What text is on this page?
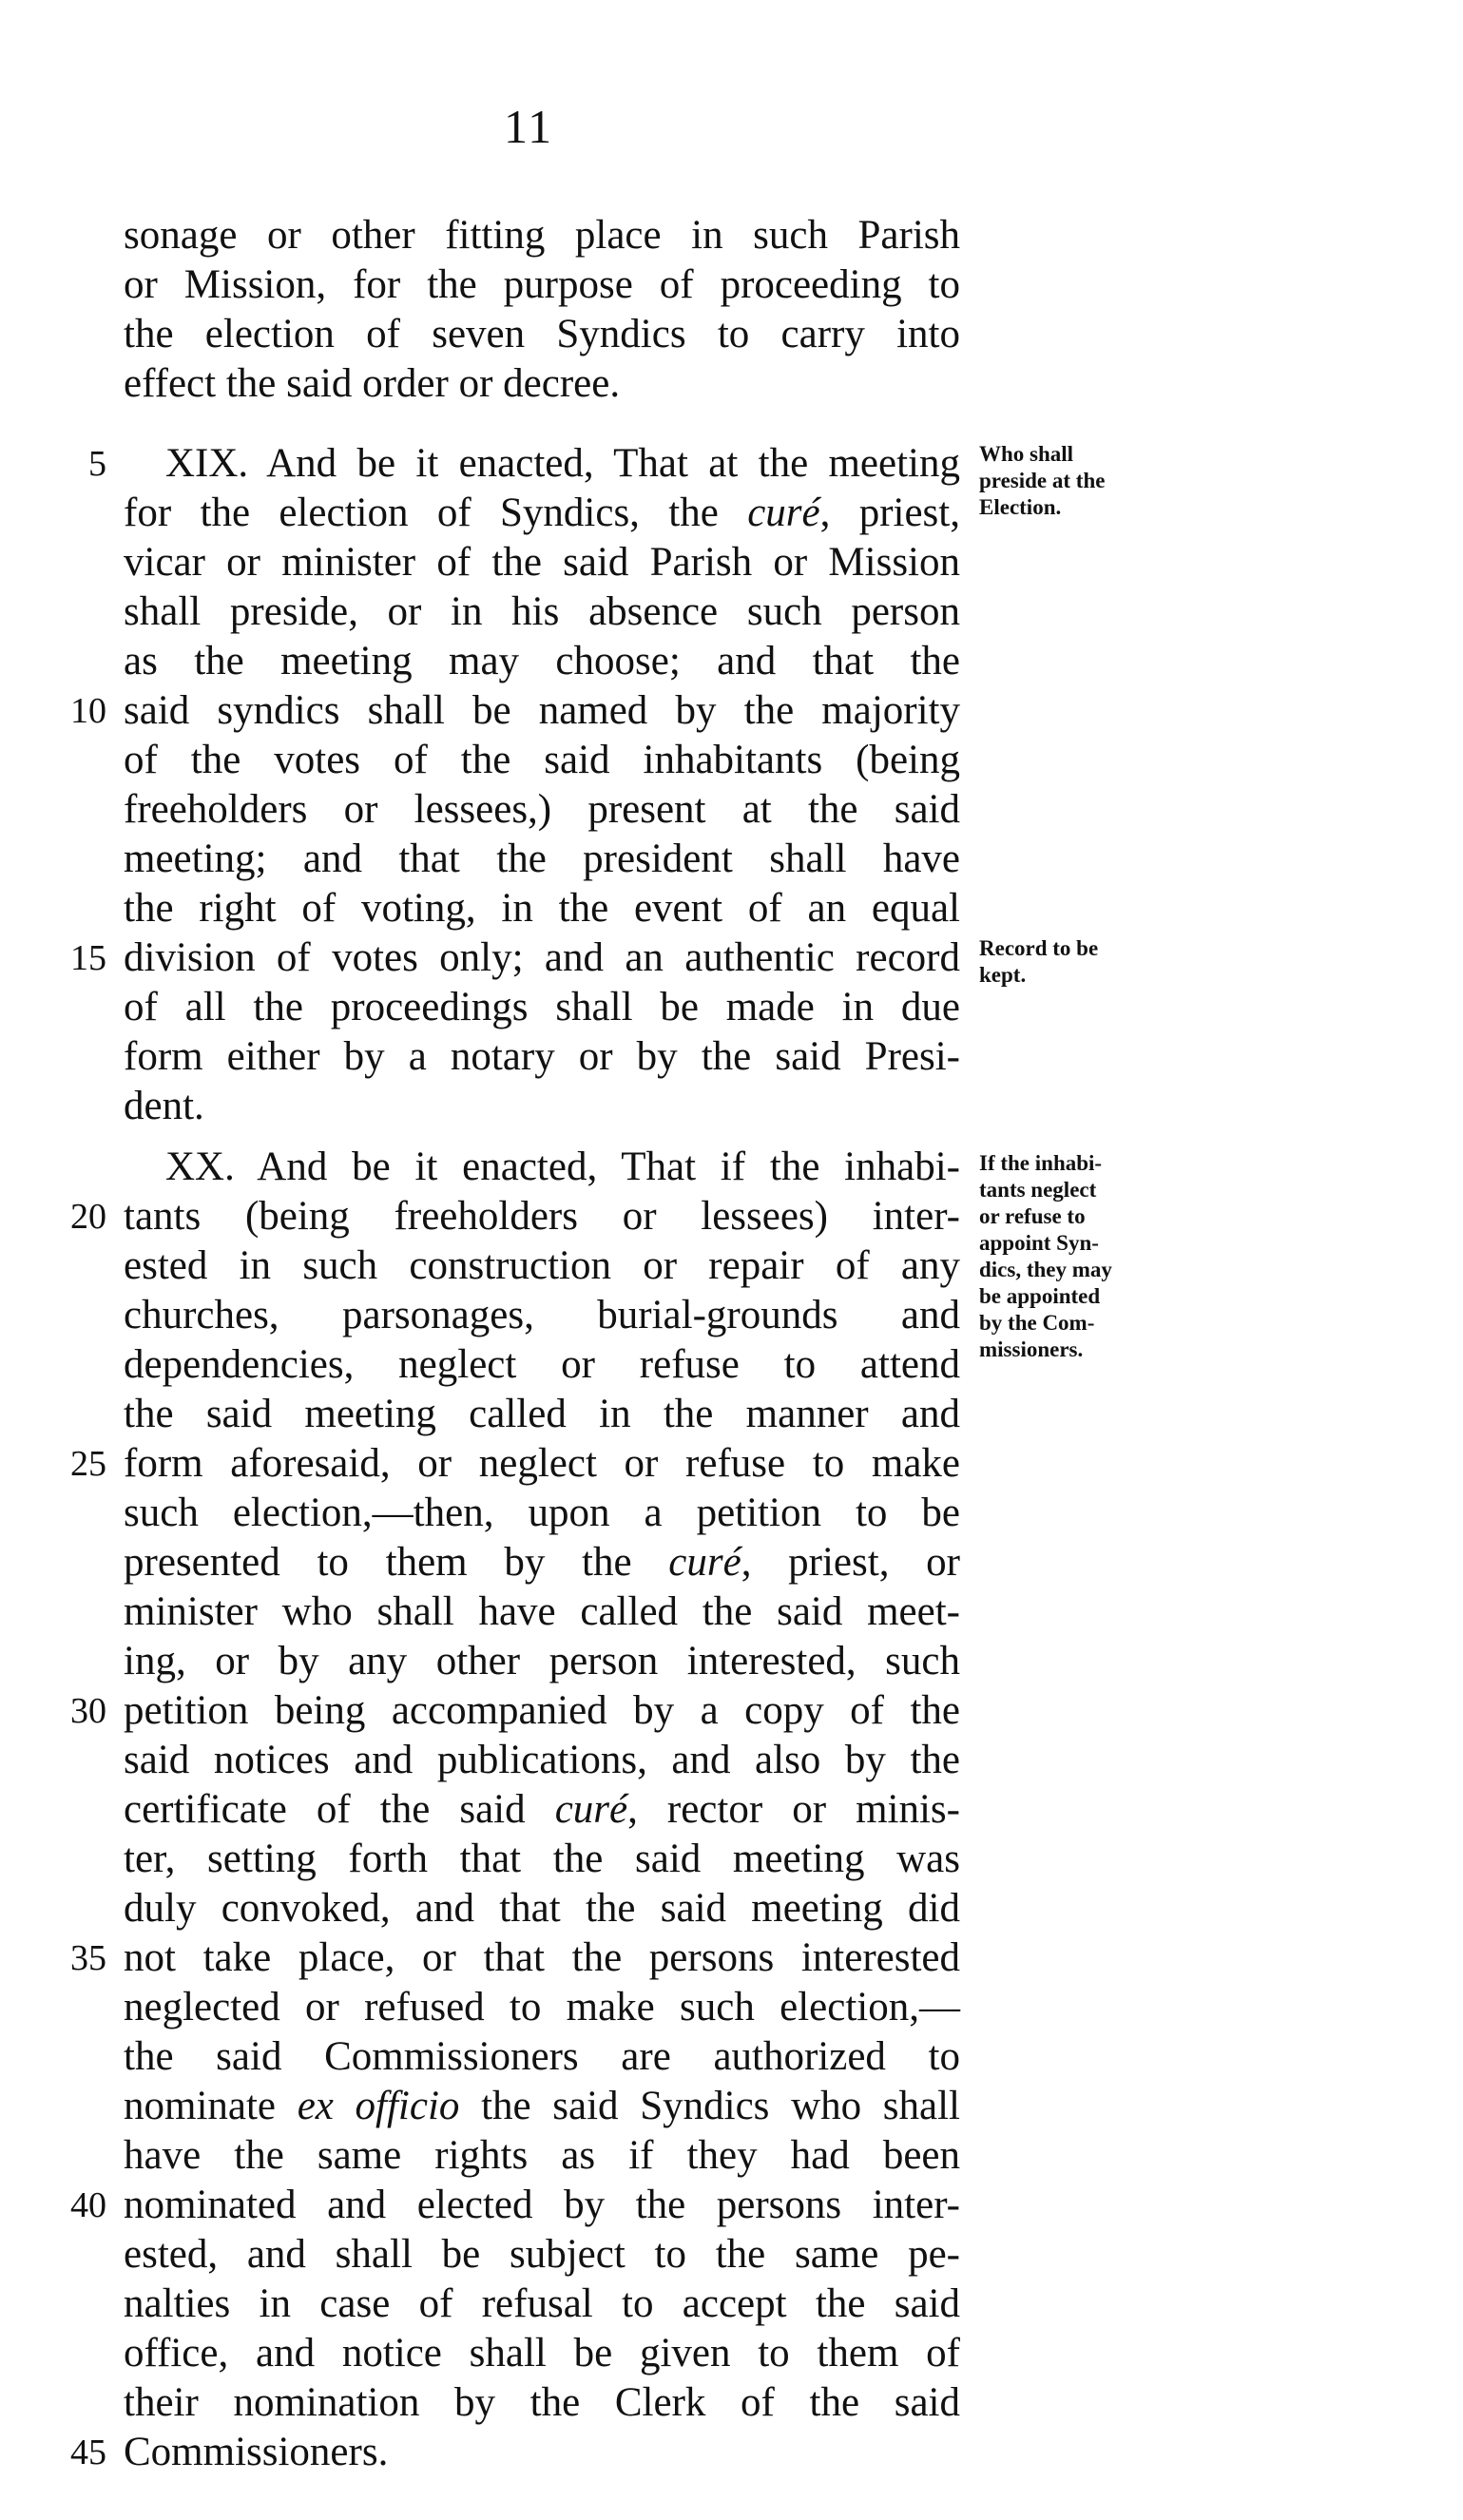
11
sonage or other fitting place in such Parish
or Mission, for the purpose of proceeding to
the election of seven Syndics to carry into
effect the said order or decree.
XIX. And be it enacted, That at the meeting
for the election of Syndics, the curé, priest,
vicar or minister of the said Parish or Mission
shall preside, or in his absence such person
as the meeting may choose; and that the
said syndics shall be named by the majority
of the votes of the said inhabitants (being
freeholders or lessees,) present at the said
meeting; and that the president shall have
the right of voting, in the event of an equal
division of votes only; and an authentic record
of all the proceedings shall be made in due
form either by a notary or by the said Presi-
dent.
XX. And be it enacted, That if the inhabi-
tants (being freeholders or lessees) inter-
ested in such construction or repair of any
churches, parsonages, burial-grounds and
dependencies, neglect or refuse to attend
the said meeting called in the manner and
form aforesaid, or neglect or refuse to make
such election,—then, upon a petition to be
presented to them by the curé, priest, or
minister who shall have called the said meet-
ing, or by any other person interested, such
petition being accompanied by a copy of the
said notices and publications, and also by the
certificate of the said curé, rector or minis-
ter, setting forth that the said meeting was
duly convoked, and that the said meeting did
not take place, or that the persons interested
neglected or refused to make such election,—
the said Commissioners are authorized to
nominate ex officio the said Syndics who shall
have the same rights as if they had been
nominated and elected by the persons inter-
ested, and shall be subject to the same pe-
nalties in case of refusal to accept the said
office, and notice shall be given to them of
their nomination by the Clerk of the said
Commissioners.
5
10
15
20
25
30
35
40
45
Who shall
preside at the
Election.
Record to be
kept.
If the inhabi-
tants neglect
or refuse to
appoint Syn-
dics, they may
be appointed
by the Com-
missioners.
